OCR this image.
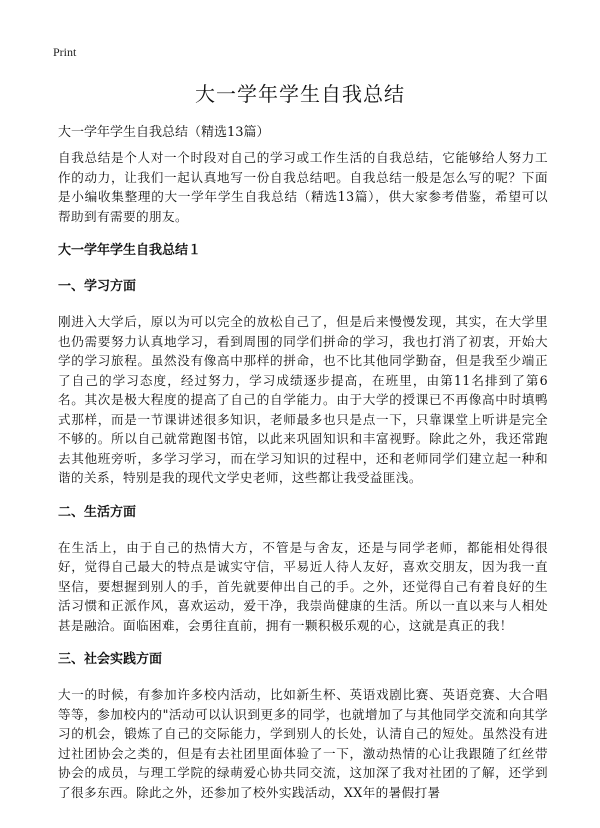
Print
大一学年学生自我总结
大一学年学生自我总结（精选13篇）

自我总结是个人对一个时段对自己的学习或工作生活的自我总结，它能够给人努力工作的动力，让我们一起认真地写一份自我总结吧。自我总结一般是怎么写的呢？下面是小编收集整理的大一学年学生自我总结（精选13篇），供大家参考借鉴，希望可以帮助到有需要的朋友。

大一学年学生自我总结１
一、学习方面

刚进入大学后，原以为可以完全的放松自己了，但是后来慢慢发现，其实，在大学里也仍需要努力认真地学习，看到周围的同学们拼命的学习，我也打消了初衷，开始大学的学习旅程。虽然没有像高中那样的拼命，也不比其他同学勤奋，但是我至少端正了自己的学习态度，经过努力，学习成绩逐步提高，在班里，由第11名排到了第6名。其次是极大程度的提高了自己的自学能力。由于大学的授课已不再像高中时填鸭式那样，而是一节课讲述很多知识，老师最多也只是点一下，只靠课堂上听讲是完全不够的。所以自己就常跑图书馆，以此来巩固知识和丰富视野。除此之外，我还常跑去其他班旁听，多学习学习，而在学习知识的过程中，还和老师同学们建立起一种和谐的关系，特别是我的现代文学史老师，这些都让我受益匪浅。

二、生活方面

在生活上，由于自己的热情大方，不管是与舍友，还是与同学老师，都能相处得很好，觉得自己最大的特点是诚实守信，平易近人待人友好，喜欢交朋友，因为我一直坚信，要想握到别人的手，首先就要伸出自己的手。之外，还觉得自己有着良好的生活习惯和正派作风，喜欢运动，爱干净，我崇尚健康的生活。所以一直以来与人相处甚是融洽。面临困难，会勇往直前，拥有一颗积极乐观的心，这就是真正的我！

三、社会实践方面

大一的时候，有参加许多校内活动，比如新生杯、英语戏剧比赛、英语竞赛、大合唱等等，参加校内的"活动可以认识到更多的同学，也就增加了与其他同学交流和向其学习的机会，锻炼了自己的交际能力，学到别人的长处，认清自己的短处。虽然没有进过社团协会之类的，但是有去社团里面体验了一下，激动热情的心让我跟随了红丝带协会的成员，与理工学院的绿萌爱心协共同交流，这加深了我对社团的了解，还学到了很多东西。除此之外，还参加了校外实践活动，XX年的暑假打暑
